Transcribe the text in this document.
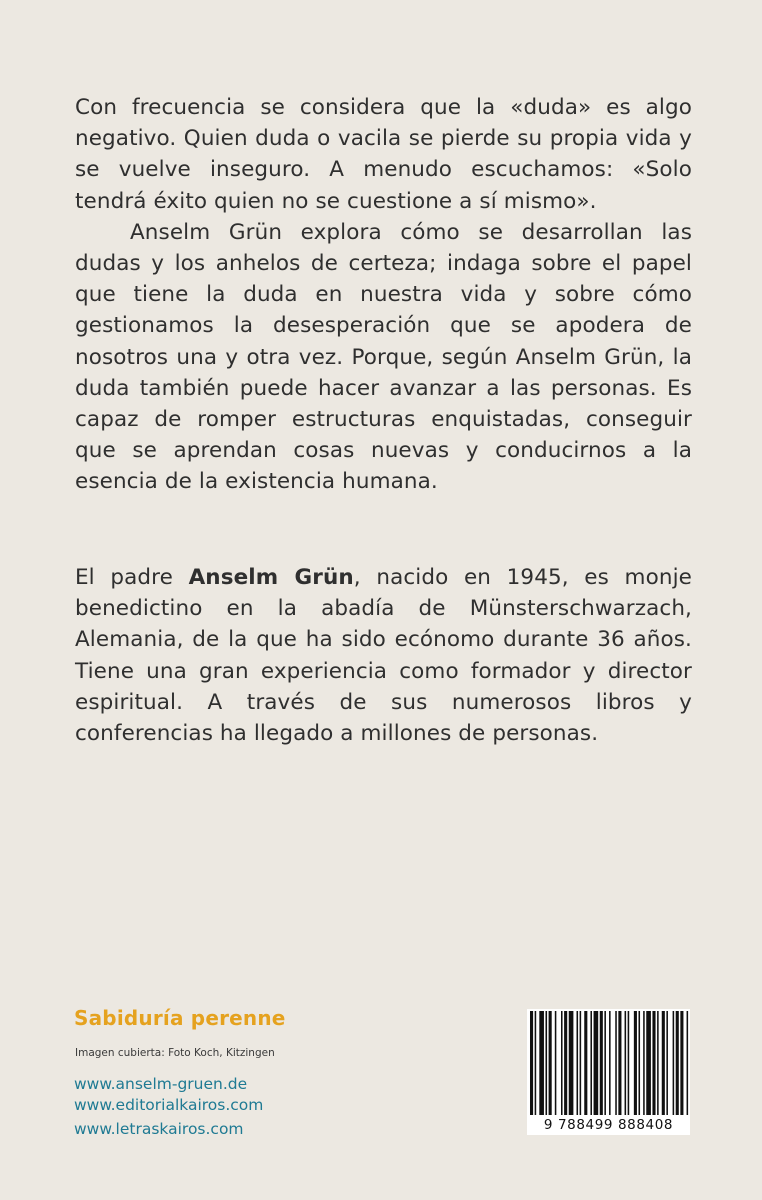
Con frecuencia se considera que la «duda» es algo negativo. Quien duda o vacila se pierde su propia vida y se vuelve inseguro. A menudo escuchamos: «Solo tendrá éxito quien no se cuestione a sí mismo».

Anselm Grün explora cómo se desarrollan las dudas y los anhelos de certeza; indaga sobre el papel que tiene la duda en nuestra vida y sobre cómo gestionamos la desesperación que se apodera de nosotros una y otra vez. Porque, según Anselm Grün, la duda también puede hacer avanzar a las personas. Es capaz de romper estructuras enquistadas, conseguir que se aprendan cosas nuevas y conducirnos a la esencia de la existencia humana.

El padre Anselm Grün, nacido en 1945, es monje benedictino en la abadía de Münsterschwarzach, Alemania, de la que ha sido ecónomo durante 36 años. Tiene una gran experiencia como formador y director espiritual. A través de sus numerosos libros y conferencias ha llegado a millones de personas.

Sabiduría perenne
Imagen cubierta: Foto Koch, Kitzingen
www.anselm-gruen.de
www.editorialkairos.com
www.letraskairos.com	9 788499 888408
